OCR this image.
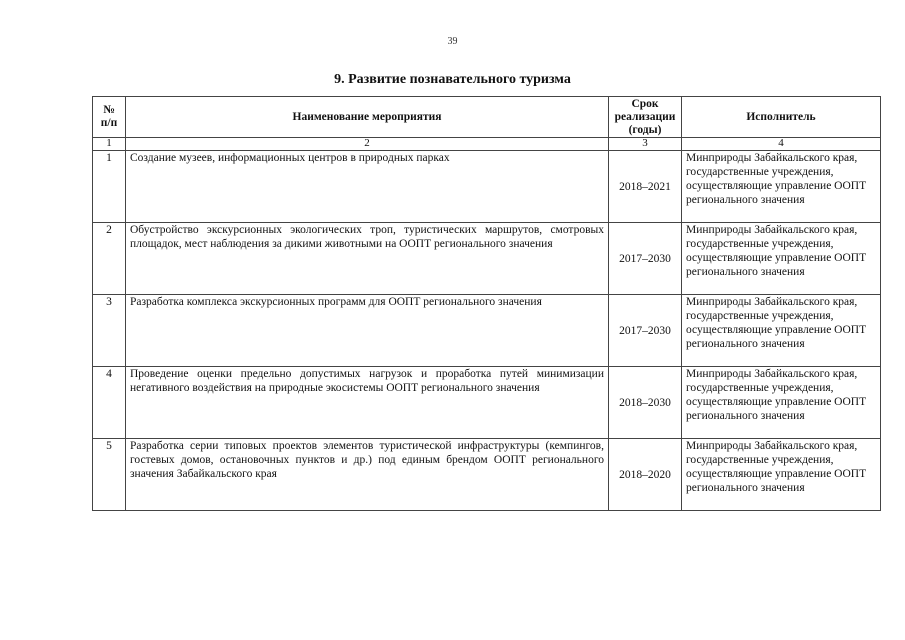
39
9. Развитие познавательного туризма
№ п/п	Наименование мероприятия	Срок реализации (годы)	Исполнитель
1	2	3	4
1	Создание музеев, информационных центров в природных парках	2018–2021	Минприроды Забайкальского края, государственные учреждения, осуществляющие управление ООПТ регионального значения
2	Обустройство экскурсионных экологических троп, туристических маршрутов, смотровых площадок, мест наблюдения за дикими животными на ООПТ регионального значения	2017–2030	Минприроды Забайкальского края, государственные учреждения, осуществляющие управление ООПТ регионального значения
3	Разработка комплекса экскурсионных программ для ООПТ регионального значения	2017–2030	Минприроды Забайкальского края, государственные учреждения, осуществляющие управление ООПТ регионального значения
4	Проведение оценки предельно допустимых нагрузок и проработка путей минимизации негативного воздействия на природные экосистемы ООПТ регионального значения	2018–2030	Минприроды Забайкальского края, государственные учреждения, осуществляющие управление ООПТ регионального значения
5	Разработка серии типовых проектов элементов туристической инфраструктуры (кемпингов, гостевых домов, остановочных пунктов и др.) под единым брендом ООПТ регионального значения Забайкальского края	2018–2020	Минприроды Забайкальского края, государственные учреждения, осуществляющие управление ООПТ регионального значения
